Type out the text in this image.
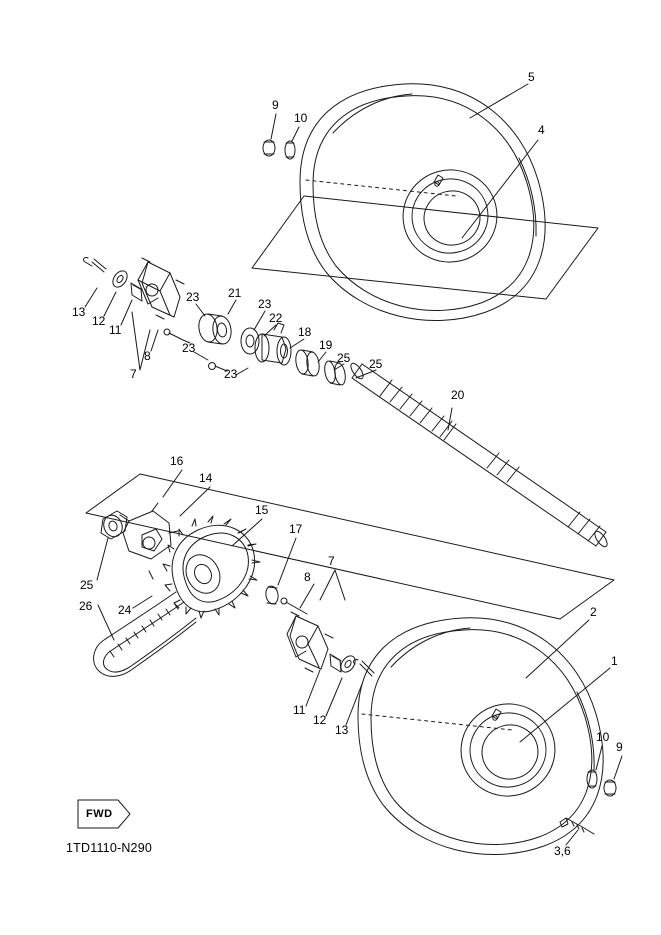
5
4
9
10
13
12
11
8
7
23 21
23
22
18
23
23
19
25 25
20
16
14
15
17
25
26 24
7
8
11
12
13
2
1
10
9
3,6
FWD
1TD1110-N290
